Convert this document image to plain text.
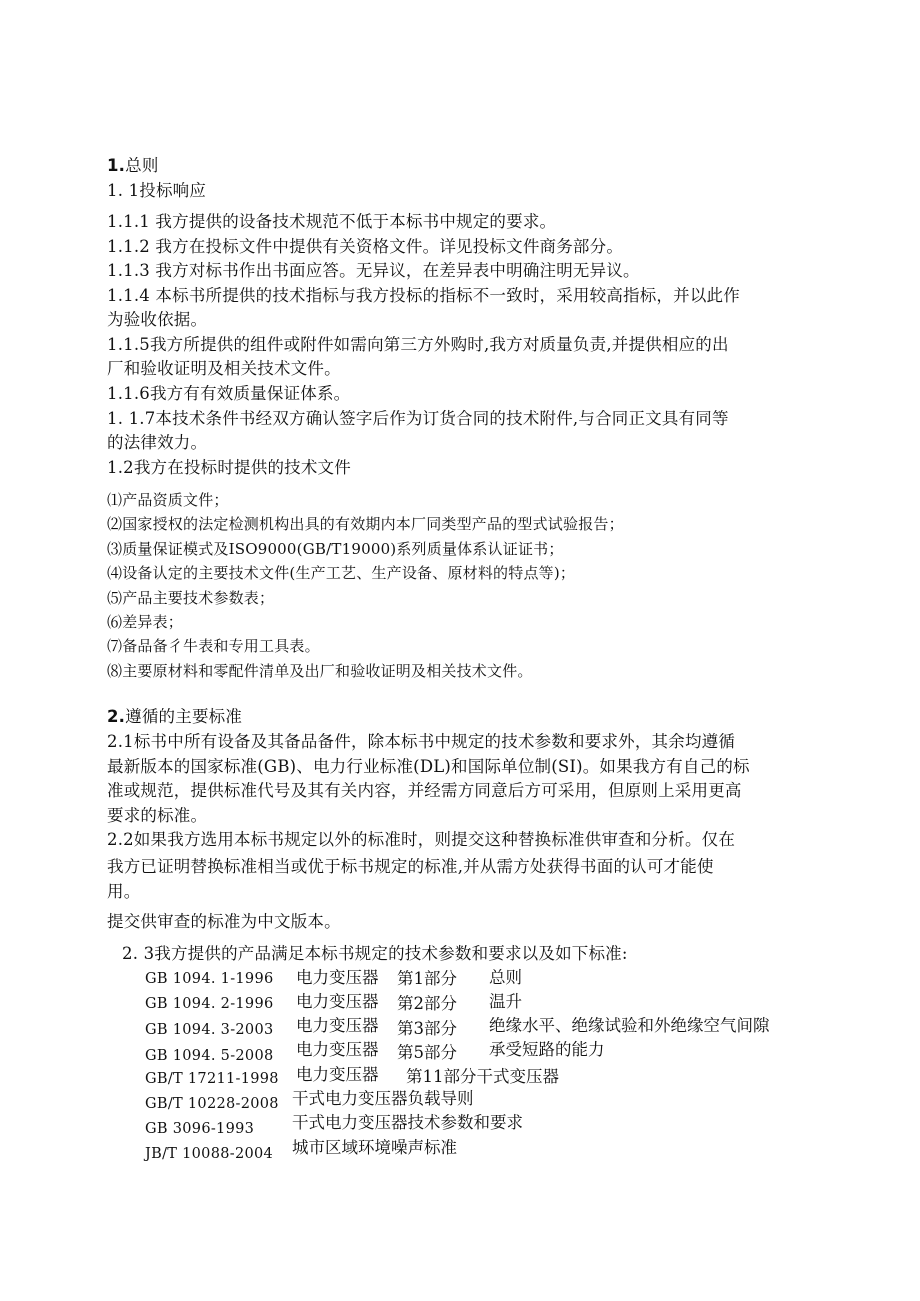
1.总则
1. 1投标响应
1.1.1 我方提供的设备技术规范不低于本标书中规定的要求。
1.1.2 我方在投标文件中提供有关资格文件。详见投标文件商务部分。
1.1.3 我方对标书作出书面应答。无异议，在差异表中明确注明无异议。
1.1.4 本标书所提供的技术指标与我方投标的指标不一致时，采用较高指标，并以此作
为验收依据。
1.1.5我方所提供的组件或附件如需向第三方外购时,我方对质量负责,并提供相应的出
厂和验收证明及相关技术文件。
1.1.6我方有有效质量保证体系。
1. 1.7本技术条件书经双方确认签字后作为订货合同的技术附件,与合同正文具有同等
的法律效力。
1.2我方在投标时提供的技术文件
⑴产品资质文件；
⑵国家授权的法定检测机构出具的有效期内本厂同类型产品的型式试验报告；
⑶质量保证模式及ISO9000(GB/T19000)系列质量体系认证证书；
⑷设备认定的主要技术文件(生产工艺、生产设备、原材料的特点等)；
⑸产品主要技术参数表；
⑹差异表；
⑺备品备彳牛表和专用工具表。
⑻主要原材料和零配件清单及出厂和验收证明及相关技术文件。
2.遵循的主要标准
2.1标书中所有设备及其备品备件，除本标书中规定的技术参数和要求外，其余均遵循
最新版本的国家标准(GB)、电力行业标准(DL)和国际单位制(SI)。如果我方有自己的标
准或规范，提供标准代号及其有关内容，并经需方同意后方可采用，但原则上采用更高
要求的标准。
2.2如果我方选用本标书规定以外的标准时，则提交这种替换标准供审查和分析。仅在
我方已证明替换标准相当或优于标书规定的标准,并从需方处获得书面的认可才能使
用。
提交供审查的标准为中文版本。
2. 3我方提供的产品满足本标书规定的技术参数和要求以及如下标准:
GB 1094. 1-1996 电力变压器 第1部分 总则
GB 1094. 2-1996 电力变压器 第2部分 温升
GB 1094. 3-2003 电力变压器 第3部分 绝缘水平、绝缘试验和外绝缘空气间隙
GB 1094. 5-2008 电力变压器 第5部分 承受短路的能力
GB/T 17211-1998 电力变压器 第11部分干式变压器
GB/T 10228-2008 干式电力变压器负载导则
GB 3096-1993 干式电力变压器技术参数和要求
JB/T 10088-2004 城市区域环境噪声标准
